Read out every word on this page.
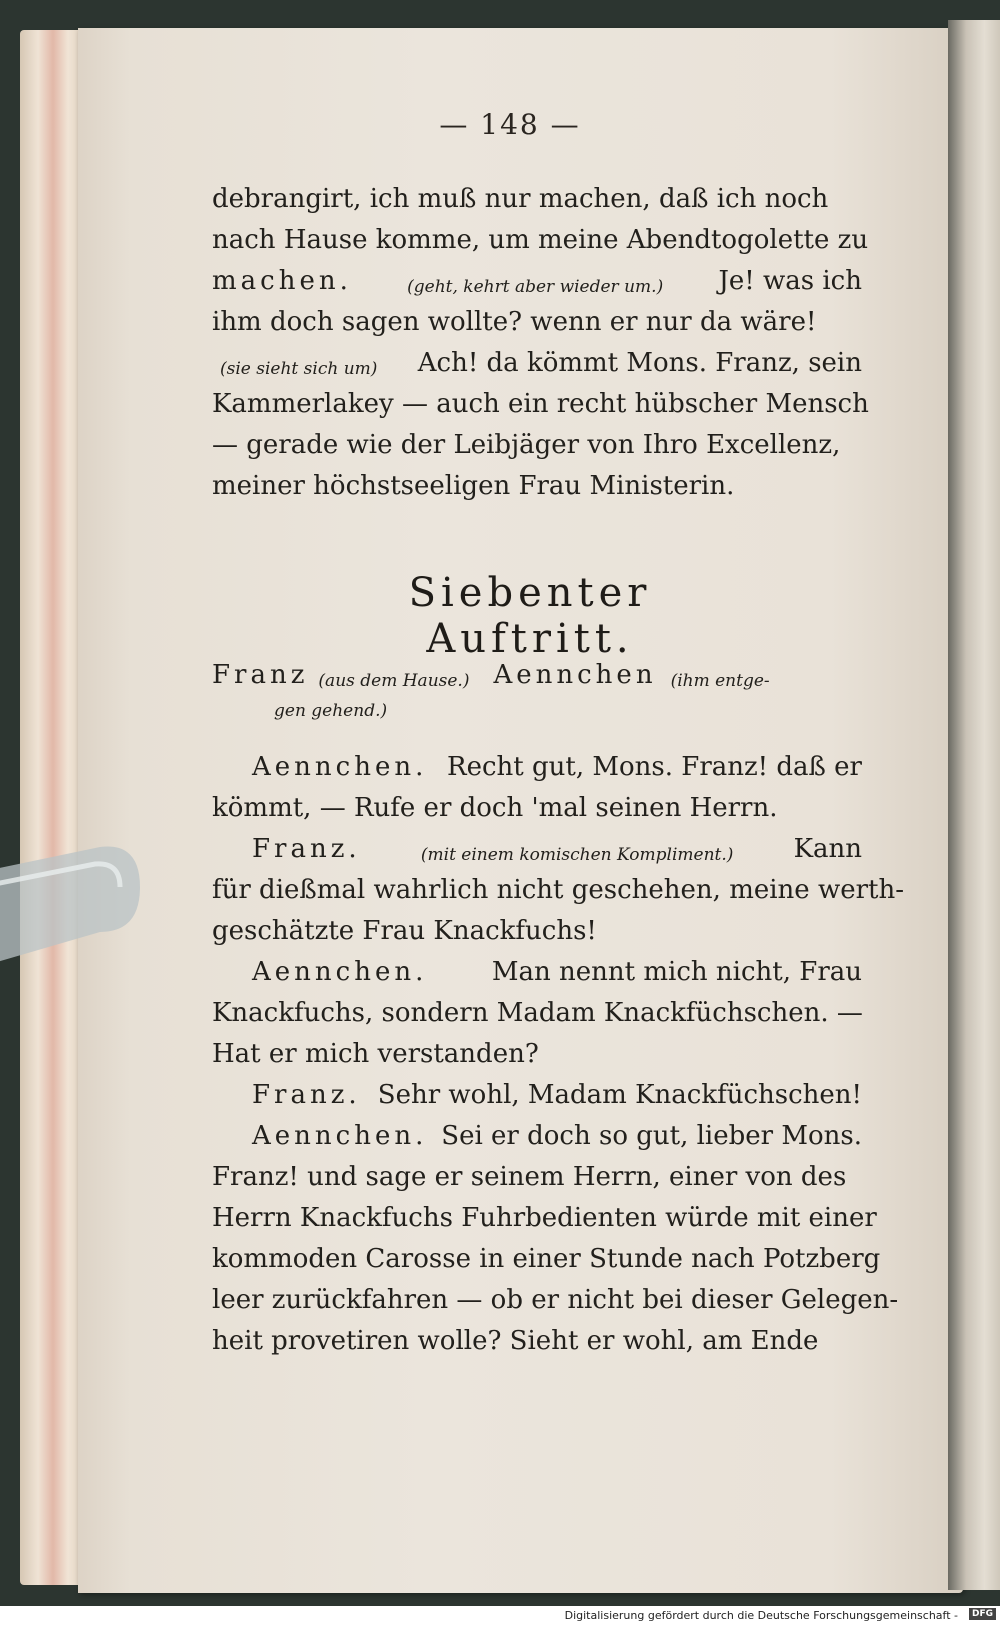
— 148 —
debrangirt, ich muß nur machen, daß ich noch
nach Hause komme, um meine Abendtogolette zu
machen.	(geht, kehrt aber wieder um.) Je! was ich
ihm doch sagen wollte? wenn er nur da wäre!
(sie sieht sich um) Ach! da kömmt Mons. Franz, sein
Kammerlakey — auch ein recht hübscher Mensch
— gerade wie der Leibjäger von Ihro Excellenz,
meiner höchstseeligen Frau Ministerin.
Siebenter Auftritt.
Franz (aus dem Hause.) Aennchen (ihm entge-
gen gehend.)
Aennchen. Recht gut, Mons. Franz! daß er
kömmt, — Rufe er doch 'mal seinen Herrn.
Franz.	(mit einem komischen Kompliment.) Kann
für dießmal wahrlich nicht geschehen, meine werth-
geschätzte Frau Knackfuchs!
Aennchen. Man nennt mich nicht, Frau
Knackfuchs, sondern Madam Knackfüchschen. —
Hat er mich verstanden?
Franz. Sehr wohl, Madam Knackfüchschen!
Aennchen. Sei er doch so gut, lieber Mons.
Franz! und sage er seinem Herrn, einer von des
Herrn Knackfuchs Fuhrbedienten würde mit einer
kommoden Carosse in einer Stunde nach Potzberg
leer zurückfahren — ob er nicht bei dieser Gelegen-
heit provetiren wolle? Sieht er wohl, am Ende
Digitalisierung gefördert durch die Deutsche Forschungsgemeinschaft -	DFG
